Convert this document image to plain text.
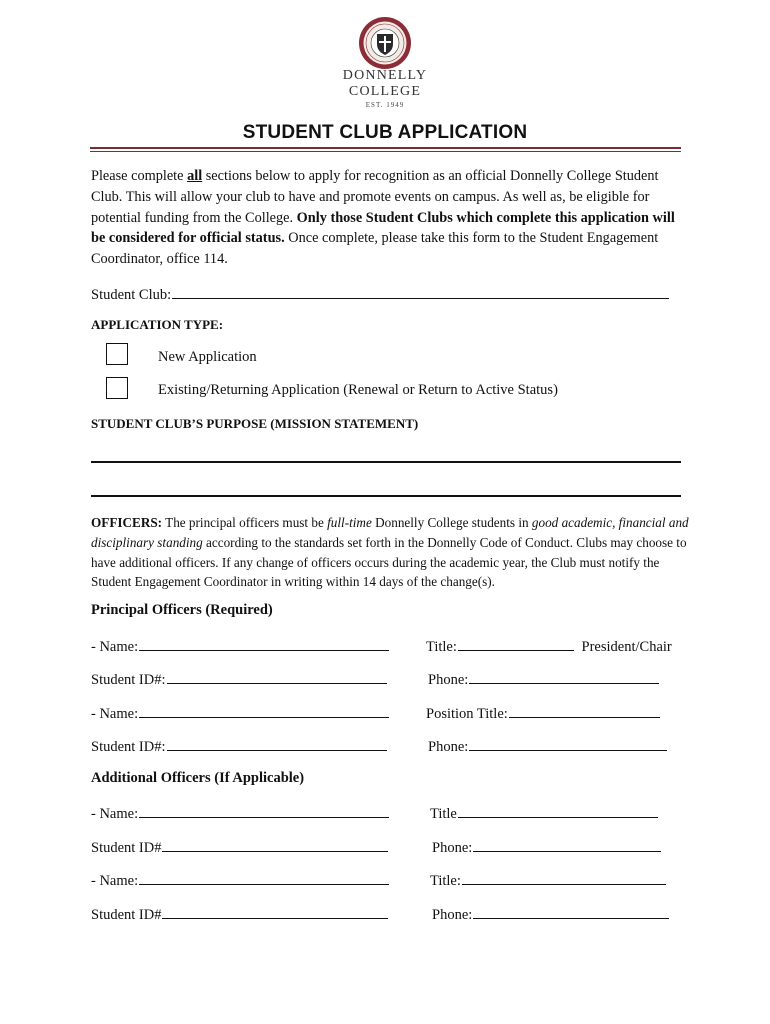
DONNELLY
COLLEGE
EST. 1949
STUDENT CLUB APPLICATION
Please complete all sections below to apply for recognition as an official Donnelly College Student Club. This will allow your club to have and promote events on campus. As well as, be eligible for potential funding from the College. Only those Student Clubs which complete this application will be considered for official status. Once complete, please take this form to the Student Engagement Coordinator, office 114.
Student Club:
APPLICATION TYPE:
New Application
Existing/Returning Application (Renewal or Return to Active Status)
STUDENT CLUB’S PURPOSE (MISSION STATEMENT)
OFFICERS: The principal officers must be full-time Donnelly College students in good academic, financial and disciplinary standing according to the standards set forth in the Donnelly Code of Conduct. Clubs may choose to have additional officers. If any change of officers occurs during the academic year, the Club must notify the Student Engagement Coordinator in writing within 14 days of the change(s).
Principal Officers (Required)
- Name:	Title:	President/Chair
Student ID#:	Phone:
- Name:	Position Title:
Student ID#:	Phone:
Additional Officers (If Applicable)
- Name:	Title
Student ID#	Phone:
- Name:	Title:
Student ID#	Phone:
